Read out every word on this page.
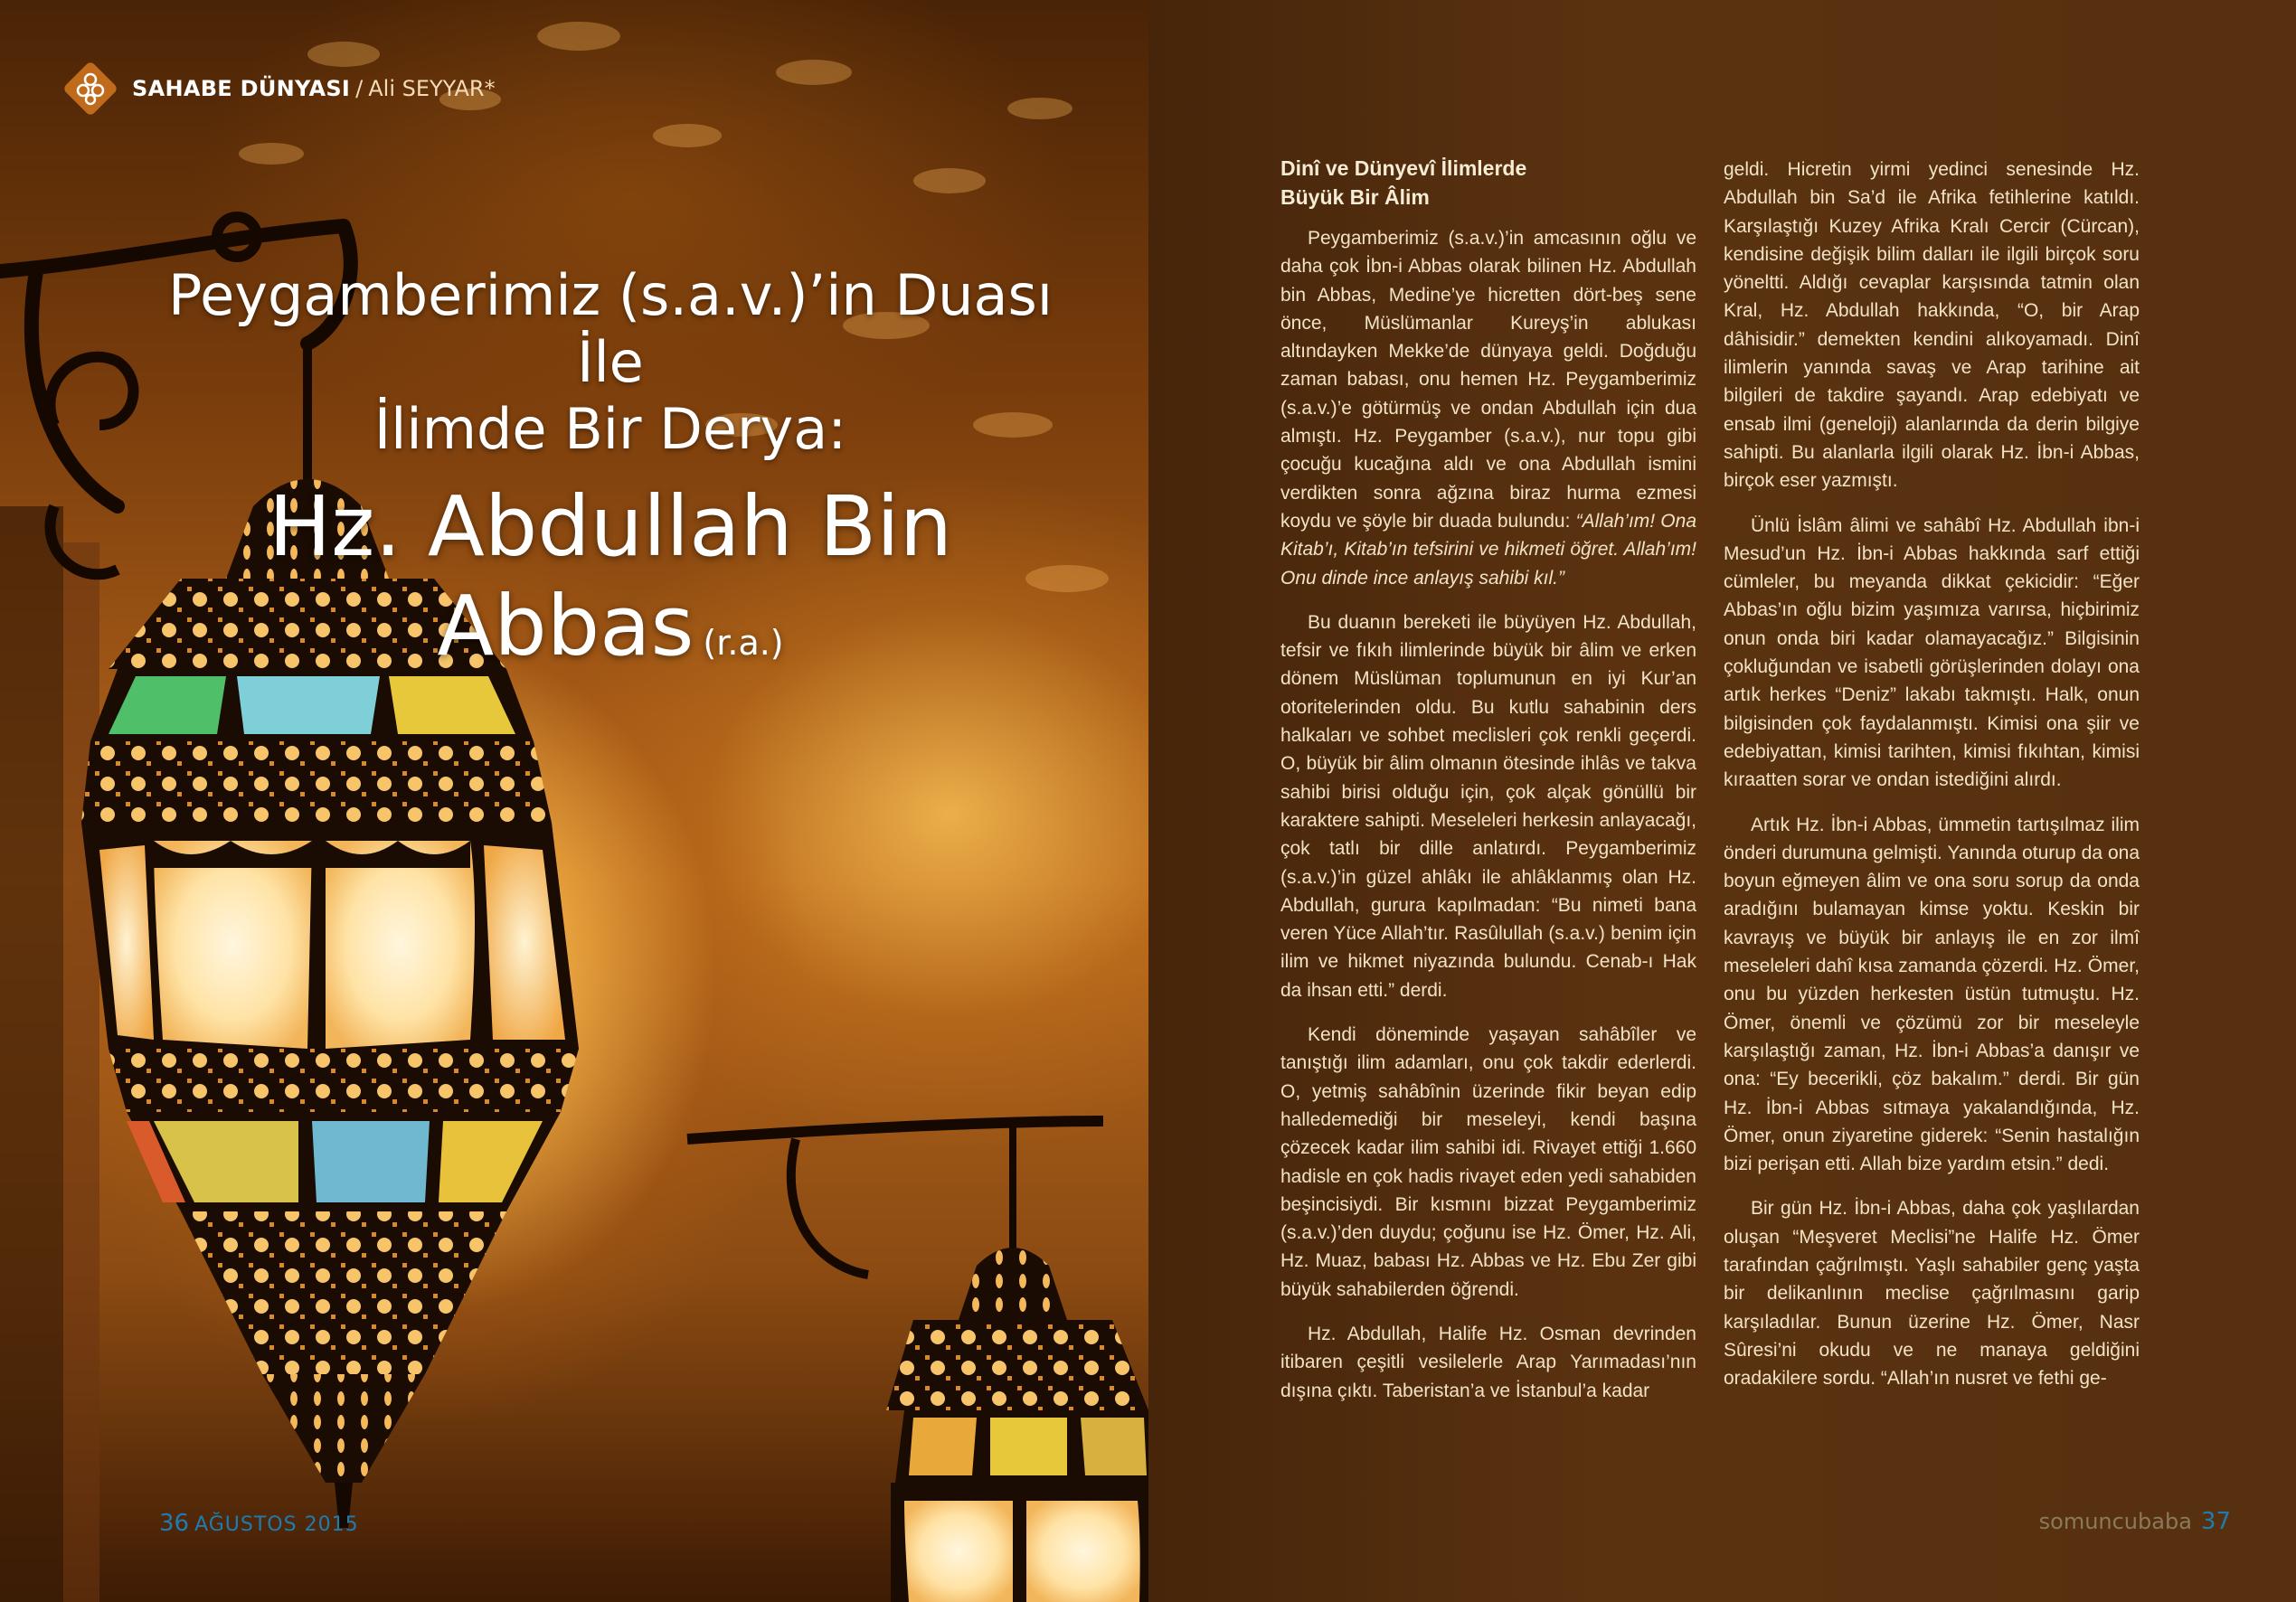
SAHABE DÜNYASI / Ali SEYYAR*
Peygamberimiz (s.a.v.)’in Duası İle
İlimde Bir Derya:
Hz. Abdullah Bin Abbas (r.a.)
36 AĞUSTOS 2015
Dinî ve Dünyevî İlimlerde
Büyük Bir Âlim

Peygamberimiz (s.a.v.)’in amcasının oğlu ve daha çok İbn-i Abbas olarak bilinen Hz. Abdullah bin Abbas, Medine’ye hicretten dört-beş sene önce, Müslümanlar Kureyş’in ablukası altındayken Mekke’de dünyaya geldi. Doğduğu zaman babası, onu hemen Hz. Peygamberimiz (s.a.v.)’e götürmüş ve ondan Abdullah için dua almıştı. Hz. Peygamber (s.a.v.), nur topu gibi çocuğu kucağına aldı ve ona Abdullah ismini verdikten sonra ağzına biraz hurma ezmesi koydu ve şöyle bir duada bulundu: “Allah’ım! Ona Kitab’ı, Kitab’ın tefsirini ve hikmeti öğret. Allah’ım! Onu dinde ince anlayış sahibi kıl.”

Bu duanın bereketi ile büyüyen Hz. Abdullah, tefsir ve fıkıh ilimlerinde büyük bir âlim ve erken dönem Müslüman toplumunun en iyi Kur’an otoritelerinden oldu. Bu kutlu sahabinin ders halkaları ve sohbet meclisleri çok renkli geçerdi. O, büyük bir âlim olmanın ötesinde ihlâs ve takva sahibi birisi olduğu için, çok alçak gönüllü bir karaktere sahipti. Meseleleri herkesin anlayacağı, çok tatlı bir dille anlatırdı. Peygamberimiz (s.a.v.)’in güzel ahlâkı ile ahlâklanmış olan Hz. Abdullah, gurura kapılmadan: “Bu nimeti bana veren Yüce Allah’tır. Rasûlullah (s.a.v.) benim için ilim ve hikmet niyazında bulundu. Cenab-ı Hak da ihsan etti.” derdi.

Kendi döneminde yaşayan sahâbîler ve tanıştığı ilim adamları, onu çok takdir ederlerdi. O, yetmiş sahâbînin üzerinde fikir beyan edip halledemediği bir meseleyi, kendi başına çözecek kadar ilim sahibi idi. Rivayet ettiği 1.660 hadisle en çok hadis rivayet eden yedi sahabiden beşincisiydi. Bir kısmını bizzat Peygamberimiz (s.a.v.)’den duydu; çoğunu ise Hz. Ömer, Hz. Ali, Hz. Muaz, babası Hz. Abbas ve Hz. Ebu Zer gibi büyük sahabilerden öğrendi.

Hz. Abdullah, Halife Hz. Osman devrinden itibaren çeşitli vesilelerle Arap Yarımadası’nın dışına çıktı. Taberistan’a ve İstanbul’a kadar

geldi. Hicretin yirmi yedinci senesinde Hz. Abdullah bin Sa’d ile Afrika fetihlerine katıldı. Karşılaştığı Kuzey Afrika Kralı Cercir (Cürcan), kendisine değişik bilim dalları ile ilgili birçok soru yöneltti. Aldığı cevaplar karşısında tatmin olan Kral, Hz. Abdullah hakkında, “O, bir Arap dâhisidir.” demekten kendini alıkoyamadı. Dinî ilimlerin yanında savaş ve Arap tarihine ait bilgileri de takdire şayandı. Arap edebiyatı ve ensab ilmi (geneloji) alanlarında da derin bilgiye sahipti. Bu alanlarla ilgili olarak Hz. İbn-i Abbas, birçok eser yazmıştı.

Ünlü İslâm âlimi ve sahâbî Hz. Abdullah ibn-i Mesud’un Hz. İbn-i Abbas hakkında sarf ettiği cümleler, bu meyanda dikkat çekicidir: “Eğer Abbas’ın oğlu bizim yaşımıza varırsa, hiçbirimiz onun onda biri kadar olamayacağız.” Bilgisinin çokluğundan ve isabetli görüşlerinden dolayı ona artık herkes “Deniz” lakabı takmıştı. Halk, onun bilgisinden çok faydalanmıştı. Kimisi ona şiir ve edebiyattan, kimisi tarihten, kimisi fıkıhtan, kimisi kıraatten sorar ve ondan istediğini alırdı.

Artık Hz. İbn-i Abbas, ümmetin tartışılmaz ilim önderi durumuna gelmişti. Yanında oturup da ona boyun eğmeyen âlim ve ona soru sorup da onda aradığını bulamayan kimse yoktu. Keskin bir kavrayış ve büyük bir anlayış ile en zor ilmî meseleleri dahî kısa zamanda çözerdi. Hz. Ömer, onu bu yüzden herkesten üstün tutmuştu. Hz. Ömer, önemli ve çözümü zor bir meseleyle karşılaştığı zaman, Hz. İbn-i Abbas’a danışır ve ona: “Ey becerikli, çöz bakalım.” derdi. Bir gün Hz. İbn-i Abbas sıtmaya yakalandığında, Hz. Ömer, onun ziyaretine giderek: “Senin hastalığın bizi perişan etti. Allah bize yardım etsin.” dedi.

Bir gün Hz. İbn-i Abbas, daha çok yaşlılardan oluşan “Meşveret Meclisi”ne Halife Hz. Ömer tarafından çağrılmıştı. Yaşlı sahabiler genç yaşta bir delikanlının meclise çağrılmasını garip karşıladılar. Bunun üzerine Hz. Ömer, Nasr Sûresi’ni okudu ve ne manaya geldiğini oradakilere sordu. “Allah’ın nusret ve fethi ge-

somuncubaba 37
